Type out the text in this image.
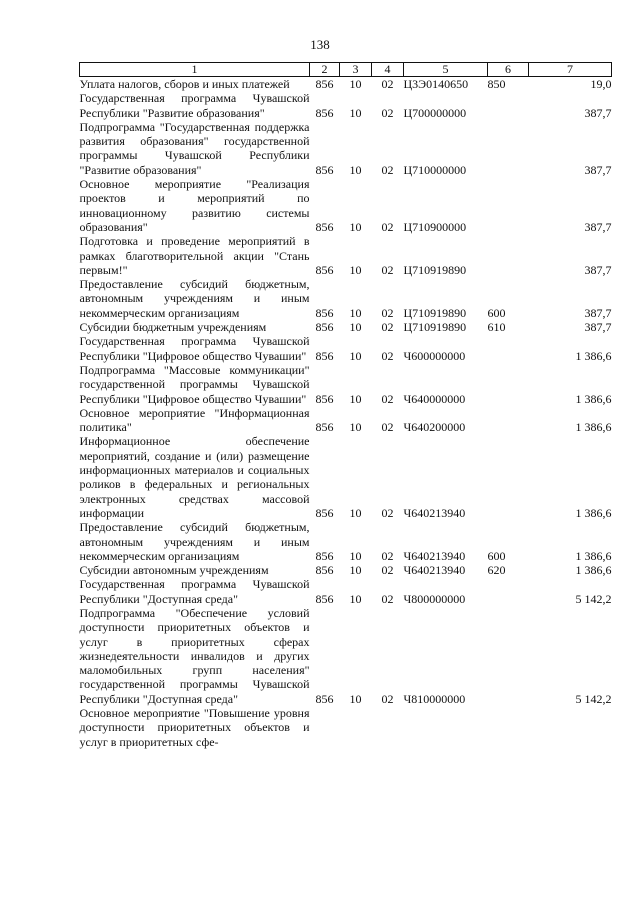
138
1	2	3	4	5	6	7
Уплата налогов, сборов и иных платежей	856	10	02	Ц3Э0140650	850	19,0
Государственная программа Чувашской Республики "Развитие образования"	856	10	02	Ц700000000		387,7
Подпрограмма "Государственная поддержка развития образования" государственной программы Чувашской Республики "Развитие образования"	856	10	02	Ц710000000		387,7
Основное мероприятие "Реализация проектов и мероприятий по инновационному развитию системы образования"	856	10	02	Ц710900000		387,7
Подготовка и проведение мероприятий в рамках благотворительной акции "Стань первым!"	856	10	02	Ц710919890		387,7
Предоставление субсидий бюджетным, автономным учреждениям и иным некоммерческим организациям	856	10	02	Ц710919890	600	387,7
Субсидии бюджетным учреждениям	856	10	02	Ц710919890	610	387,7
Государственная программа Чувашской Республики "Цифровое общество Чувашии"	856	10	02	Ч600000000		1 386,6
Подпрограмма "Массовые коммуникации" государственной программы Чувашской Республики "Цифровое общество Чувашии"	856	10	02	Ч640000000		1 386,6
Основное мероприятие "Информационная политика"	856	10	02	Ч640200000		1 386,6
Информационное обеспечение мероприятий, создание и (или) размещение информационных материалов и социальных роликов в федеральных и региональных электронных средствах массовой информации	856	10	02	Ч640213940		1 386,6
Предоставление субсидий бюджетным, автономным учреждениям и иным некоммерческим организациям	856	10	02	Ч640213940	600	1 386,6
Субсидии автономным учреждениям	856	10	02	Ч640213940	620	1 386,6
Государственная программа Чувашской Республики "Доступная среда"	856	10	02	Ч800000000		5 142,2
Подпрограмма "Обеспечение условий доступности приоритетных объектов и услуг в приоритетных сферах жизнедеятельности инвалидов и других маломобильных групп населения" государственной программы Чувашской Республики "Доступная среда"	856	10	02	Ч810000000		5 142,2
Основное мероприятие "Повышение уровня доступности приоритетных объектов и услуг в приоритетных сфе-						
